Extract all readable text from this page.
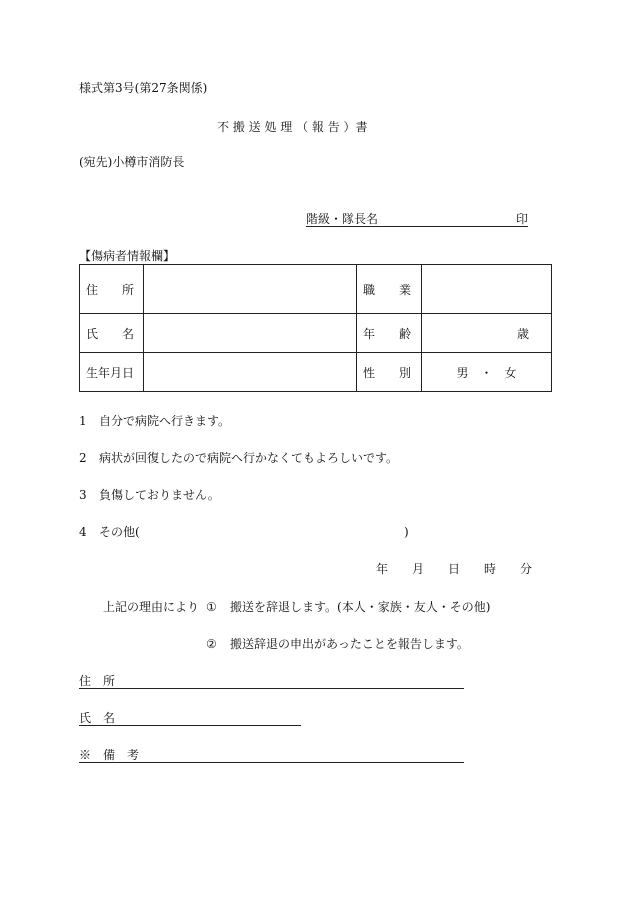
様式第3号(第27条関係)
不 搬 送 処 理 （ 報 告 ）書
(宛先)小樽市消防長
階級・隊長名	印
【傷病者情報欄】
住　　所		職　　業	
氏　　名		年　　齢	歳
生年月日		性　　別	男　・　女
1 自分で病院へ行きます。
2 病状が回復したので病院へ行かなくてもよろしいです。
3 負傷しておりません。
4 その他(	)
年　　月　　日　　時　　分
上記の理由により ① 搬送を辞退します。(本人・家族・友人・その他)
② 搬送辞退の申出があったことを報告します。
住　所
氏　名
※　備　考
